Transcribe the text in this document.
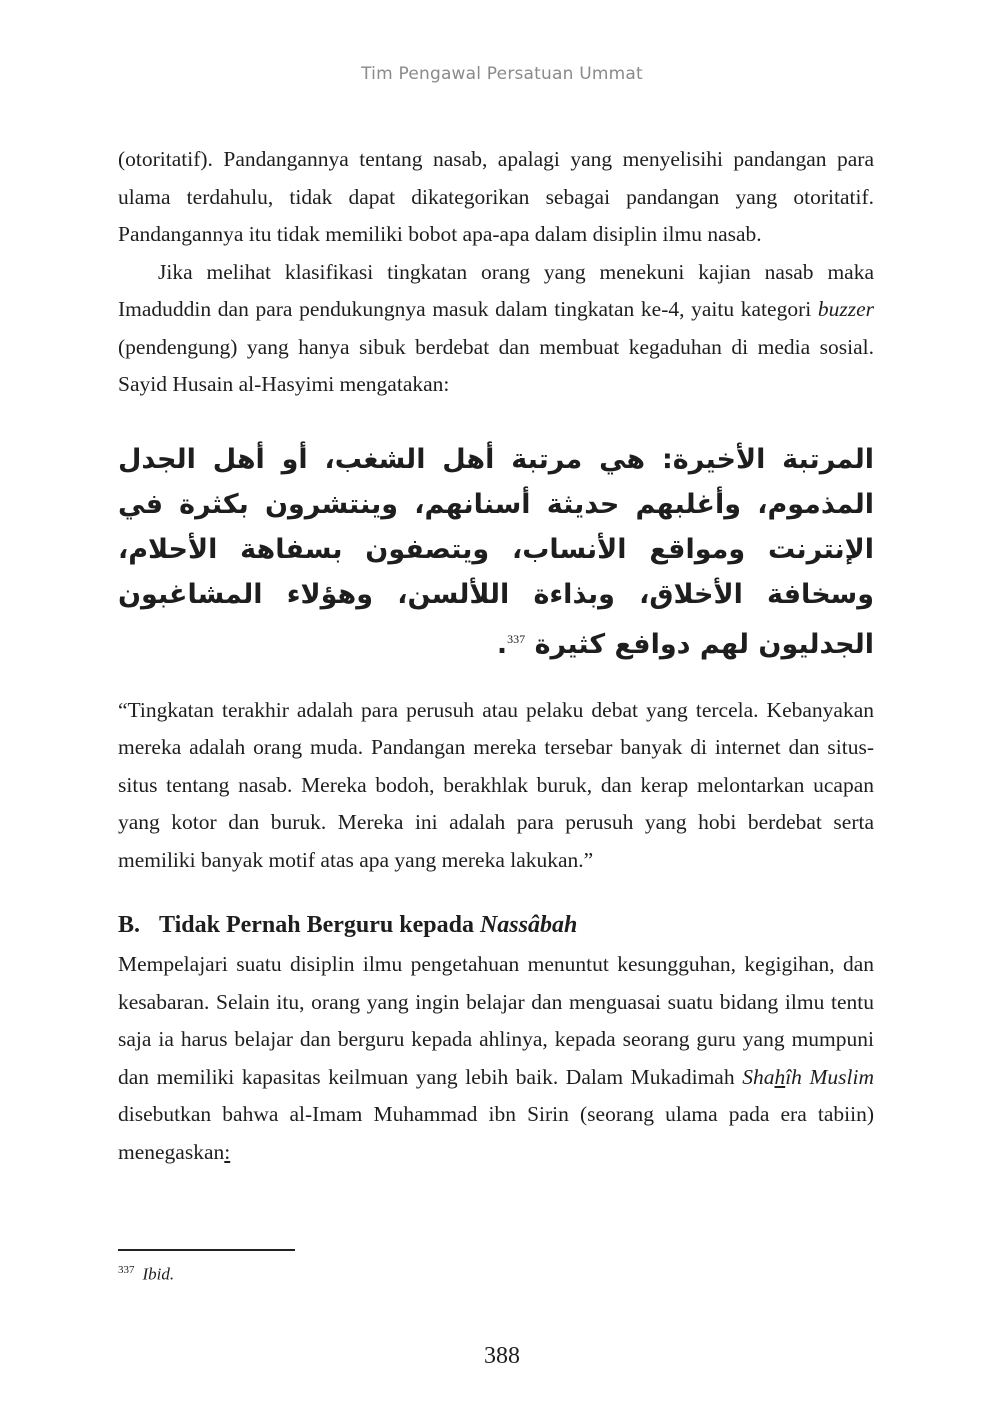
Tim Pengawal Persatuan Ummat

(otoritatif). Pandangannya tentang nasab, apalagi yang menyelisihi pandangan para ulama terdahulu, tidak dapat dikategorikan sebagai pandangan yang otoritatif. Pandangannya itu tidak memiliki bobot apa-apa dalam disiplin ilmu nasab.

Jika melihat klasifikasi tingkatan orang yang menekuni kajian nasab maka Imaduddin dan para pendukungnya masuk dalam tingkatan ke-4, yaitu kategori buzzer (pendengung) yang hanya sibuk berdebat dan membuat kegaduhan di media sosial. Sayid Husain al-Hasyimi mengatakan:

المرتبة الأخيرة: هي مرتبة أهل الشغب، أو أهل الجدل المذموم، وأغلبهم حديثة أسنانهم، وينتشرون بكثرة في الإنترنت ومواقع الأنساب، ويتصفون بسفاهة الأحلام، وسخافة الأخلاق، وبذاءة اللألسن، وهؤلاء المشاغبون الجدليون لهم دوافع كثيرة $^{337}$.

“Tingkatan terakhir adalah para perusuh atau pelaku debat yang tercela. Kebanyakan mereka adalah orang muda. Pandangan mereka tersebar banyak di internet dan situs-situs tentang nasab. Mereka bodoh, berakhlak buruk, dan kerap melontarkan ucapan yang kotor dan buruk. Mereka ini adalah para perusuh yang hobi berdebat serta memiliki banyak motif atas apa yang mereka lakukan.”

B. Tidak Pernah Berguru kepada Nassâbah

Mempelajari suatu disiplin ilmu pengetahuan menuntut kesungguhan, kegigihan, dan kesabaran. Selain itu, orang yang ingin belajar dan menguasai suatu bidang ilmu tentu saja ia harus belajar dan berguru kepada ahlinya, kepada seorang guru yang mumpuni dan memiliki kapasitas keilmuan yang lebih baik. Dalam Mukadimah Shahîh Muslim disebutkan bahwa al-Imam Muhammad ibn Sirin (seorang ulama pada era tabiin) menegaskan:

$^{337}$ Ibid.
388
